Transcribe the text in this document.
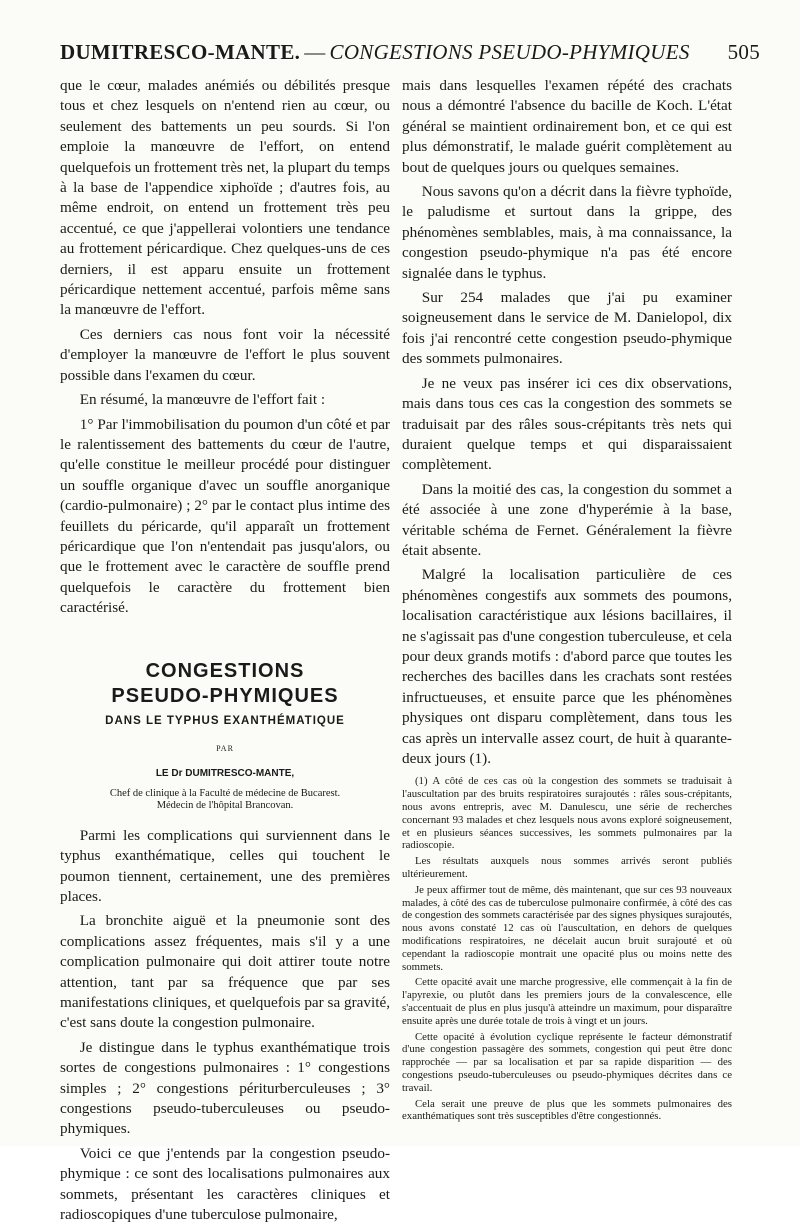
DUMITRESCO-MANTE. — CONGESTIONS PSEUDO-PHYMIQUES 505

que le cœur, malades anémiés ou débilités presque tous et chez lesquels on n'entend rien au cœur, ou seulement des battements un peu sourds. Si l'on emploie la manœuvre de l'effort, on entend quelquefois un frottement très net, la plupart du temps à la base de l'appendice xiphoïde ; d'autres fois, au même endroit, on entend un frottement très peu accentué, ce que j'appellerai volontiers une tendance au frottement péricardique. Chez quelques-uns de ces derniers, il est apparu ensuite un frottement péricardique nettement accentué, parfois même sans la manœuvre de l'effort.

Ces derniers cas nous font voir la nécessité d'employer la manœuvre de l'effort le plus souvent possible dans l'examen du cœur.

En résumé, la manœuvre de l'effort fait :

1° Par l'immobilisation du poumon d'un côté et par le ralentissement des battements du cœur de l'autre, qu'elle constitue le meilleur procédé pour distinguer un souffle organique d'avec un souffle anorganique (cardio-pulmonaire) ; 2° par le contact plus intime des feuillets du péricarde, qu'il apparaît un frottement péricardique que l'on n'entendait pas jusqu'alors, ou que le frottement avec le caractère de souffle prend quelquefois le caractère du frottement bien caractérisé.

CONGESTIONS
PSEUDO-PHYMIQUES
DANS LE TYPHUS EXANTHÉMATIQUE
PAR
LE Dr DUMITRESCO-MANTE,
Chef de clinique à la Faculté de médecine de Bucarest.
Médecin de l'hôpital Brancovan.

Parmi les complications qui surviennent dans le typhus exanthématique, celles qui touchent le poumon tiennent, certainement, une des premières places.

La bronchite aiguë et la pneumonie sont des complications assez fréquentes, mais s'il y a une complication pulmonaire qui doit attirer toute notre attention, tant par sa fréquence que par ses manifestations cliniques, et quelquefois par sa gravité, c'est sans doute la congestion pulmonaire.

Je distingue dans le typhus exanthématique trois sortes de congestions pulmonaires : 1° congestions simples ; 2° congestions périturberculeuses ; 3° congestions pseudo-tuberculeuses ou pseudo-phymiques.

Voici ce que j'entends par la congestion pseudo-phymique : ce sont des localisations pulmonaires aux sommets, présentant les caractères cliniques et radioscopiques d'une tuberculose pulmonaire,

mais dans lesquelles l'examen répété des crachats nous a démontré l'absence du bacille de Koch. L'état général se maintient ordinairement bon, et ce qui est plus démonstratif, le malade guérit complètement au bout de quelques jours ou quelques semaines.

Nous savons qu'on a décrit dans la fièvre typhoïde, le paludisme et surtout dans la grippe, des phénomènes semblables, mais, à ma connaissance, la congestion pseudo-phymique n'a pas été encore signalée dans le typhus.

Sur 254 malades que j'ai pu examiner soigneusement dans le service de M. Danielopol, dix fois j'ai rencontré cette congestion pseudo-phymique des sommets pulmonaires.

Je ne veux pas insérer ici ces dix observations, mais dans tous ces cas la congestion des sommets se traduisait par des râles sous-crépitants très nets qui duraient quelque temps et qui disparaissaient complètement.

Dans la moitié des cas, la congestion du sommet a été associée à une zone d'hyperémie à la base, véritable schéma de Fernet. Généralement la fièvre était absente.

Malgré la localisation particulière de ces phénomènes congestifs aux sommets des poumons, localisation caractéristique aux lésions bacillaires, il ne s'agissait pas d'une congestion tuberculeuse, et cela pour deux grands motifs : d'abord parce que toutes les recherches des bacilles dans les crachats sont restées infructueuses, et ensuite parce que les phénomènes physiques ont disparu complètement, dans tous les cas après un intervalle assez court, de huit à quarante-deux jours (1).

(1) A côté de ces cas où la congestion des sommets se traduisait à l'auscultation par des bruits respiratoires surajoutés : râles sous-crépitants, nous avons entrepris, avec M. Danulescu, une série de recherches concernant 93 malades et chez lesquels nous avons exploré soigneusement, et en plusieurs séances successives, les sommets pulmonaires par la radioscopie.

Les résultats auxquels nous sommes arrivés seront publiés ultérieurement.

Je peux affirmer tout de même, dès maintenant, que sur ces 93 nouveaux malades, à côté des cas de tuberculose pulmonaire confirmée, à côté des cas de congestion des sommets caractérisée par des signes physiques surajoutés, nous avons constaté 12 cas où l'auscultation, en dehors de quelques modifications respiratoires, ne décelait aucun bruit surajouté et où cependant la radioscopie montrait une opacité plus ou moins nette des sommets.

Cette opacité avait une marche progressive, elle commençait à la fin de l'apyrexie, ou plutôt dans les premiers jours de la convalescence, elle s'accentuait de plus en plus jusqu'à atteindre un maximum, pour disparaître ensuite après une durée totale de trois à vingt et un jours.

Cette opacité à évolution cyclique représente le facteur démonstratif d'une congestion passagère des sommets, congestion qui peut être donc rapprochée — par sa localisation et par sa rapide disparition — des congestions pseudo-tuberculeuses ou pseudo-phymiques décrites dans ce travail.

Cela serait une preuve de plus que les sommets pulmonaires des exanthématiques sont très susceptibles d'être congestionnés.
